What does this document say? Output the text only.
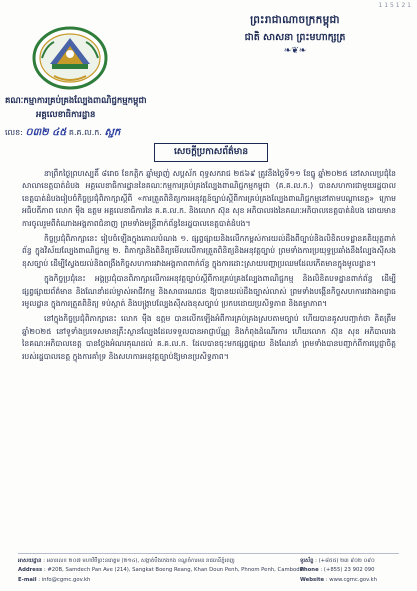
1 1 5 1 2 1
ព្រះរាជាណាចក្រកម្ពុជា
ជាតិ សាសនា ព្រះមហាក្សត្រ
❧❦❧
គណៈកម្មាការគ្រប់គ្រងល្បែងពាណិជ្ជកម្មកម្ពុជា
អគ្គលេខាធិការដ្ឋាន
លេខ: ០៣២ ៤៥ គ.គ.ល.ក. ស្ជក
សេចក្តីប្រកាសព័ត៌មាន

នាព្រឹកថ្ងៃព្រហស្បតិ៍ ៨រោច ខែកត្ដិក ឆ្នាំម្សាញ់ សប្ដស័ក ពុទ្ធសករាជ ២៥៦៩ ត្រូវនឹងថ្ងៃទី១១ ខែធ្នូ ឆ្នាំ២០២៥ នៅសាលប្រជុំនៃសាលាខេត្តបាត់ដំបង អគ្គលេខាធិការដ្ឋាននៃគណៈកម្មការគ្រប់គ្រងល្បែងពាណិជ្ជកម្មកម្ពុជា (គ.គ.ល.ក.) បានសហការជាមួយរដ្ឋបាលខេត្តបាត់ដំបងរៀបចំកិច្ចប្រជុំពិភាក្សាស្ដីពី «ការត្រួតពិនិត្យការអនុវត្តន៍ច្បាប់ស្ដីពីការគ្រប់គ្រងល្បែងពាណិជ្ជកម្មនៅតាមបណ្ដាខេត្ត» ក្រោមអធិបតីភាព លោក ម៉ឹង ឧត្ដម អគ្គលេខាធិការនៃ គ.គ.ល.ក. និងលោក ស៊ុន សុខ អភិបាលរងនៃគណៈអភិបាលខេត្តបាត់ដំបង ដោយមានការចូលរួមពីតំណាងអង្គភាពជំនាញ ព្រមទាំងមន្ត្រីពាក់ព័ន្ធនៃរដ្ឋបាលខេត្តបាត់ដំបង។

កិច្ចប្រជុំពិភាក្សានេះ រៀបចំឡើងក្នុងគោលបំណង ១. ផ្សព្វផ្សាយនិងលើកកម្ពស់ការយល់ដឹងពីច្បាប់និងលិខិតបទដ្ឋានគតិយុត្តពាក់ព័ន្ធ ក្នុងវិស័យល្បែងពាណិជ្ជកម្ម ២. ពិភាក្សានិងពិនិត្យមើលលើការត្រួតពិនិត្យនិងអនុវត្តច្បាប់ ព្រមទាំងការប្រយុទ្ធប្រឆាំងនឹងល្បែងស៊ីសងខុសច្បាប់ ដើម្បីស្វែងយល់និងពង្រឹងកិច្ចសហការរវាងអង្គភាពពាក់ព័ន្ធ ក្នុងការដោះស្រាយបញ្ហាប្រឈមដែលកើតមានក្នុងមូលដ្ឋាន។

ក្នុងកិច្ចប្រជុំនេះ អង្គប្រជុំបានពិភាក្សាលើការអនុវត្តច្បាប់ស្ដីពីការគ្រប់គ្រងល្បែងពាណិជ្ជកម្ម និងលិខិតបទដ្ឋានពាក់ព័ន្ធ ដើម្បីផ្សព្វផ្សាយព័ត៌មាន និងណែនាំដល់ម្ចាស់អាជីវកម្ម និងសាធារណជន ឱ្យបានយល់ដឹងច្បាស់លាស់ ព្រមទាំងបង្កើនកិច្ចសហការរវាងអាជ្ញាធរមូលដ្ឋាន ក្នុងការត្រួតពិនិត្យ ទប់ស្កាត់ និងបង្ក្រាបល្បែងស៊ីសងខុសច្បាប់ ប្រកបដោយប្រសិទ្ធភាព និងតម្លាភាព។

នៅក្នុងកិច្ចប្រជុំពិភាក្សានេះ លោក ម៉ឹង ឧត្ដម បានលើកឡើងអំពីការគ្រប់គ្រងស្របតាមច្បាប់ ហើយបានគូសបញ្ជាក់ថា គិតត្រឹមឆ្នាំ២០២៥ នៅទូទាំងប្រទេសមានគ្រឹះស្ថានល្បែងដែលទទួលបានអាជ្ញាប័ណ្ណ និងកំពុងដំណើរការ ហើយលោក ស៊ុន សុខ អភិបាលរងនៃគណៈអភិបាលខេត្ត បានថ្លែងអំណរគុណដល់ គ.គ.ល.ក. ដែលបានចុះមកផ្សព្វផ្សាយ និងណែនាំ ព្រមទាំងបានបញ្ជាក់ពីការប្ដេជ្ញាចិត្តរបស់រដ្ឋបាលខេត្ត ក្នុងការគាំទ្រ និងសហការអនុវត្តច្បាប់ឱ្យមានប្រសិទ្ធភាព។

អាសយដ្ឋាន : អគារលេខ ២០៧ មហាវិថីព្រះនរោត្តម (២១៤), សង្កាត់បឹងកេងកង ខណ្ឌចំការមន រាជធានីភ្នំពេញ	ទូរស័ព្ទ : (+៨៥៥) ២៣ ៩០២ ០៩០
Address : #20B, Samdech Pan Ave (214), Sangkat Boeng Reang, Khan Doun Penh, Phnom Penh, Cambodia
Phone : (+855) 23 902 090
E-mail : info@cgmc.gov.kh	Website : www.cgmc.gov.kh
